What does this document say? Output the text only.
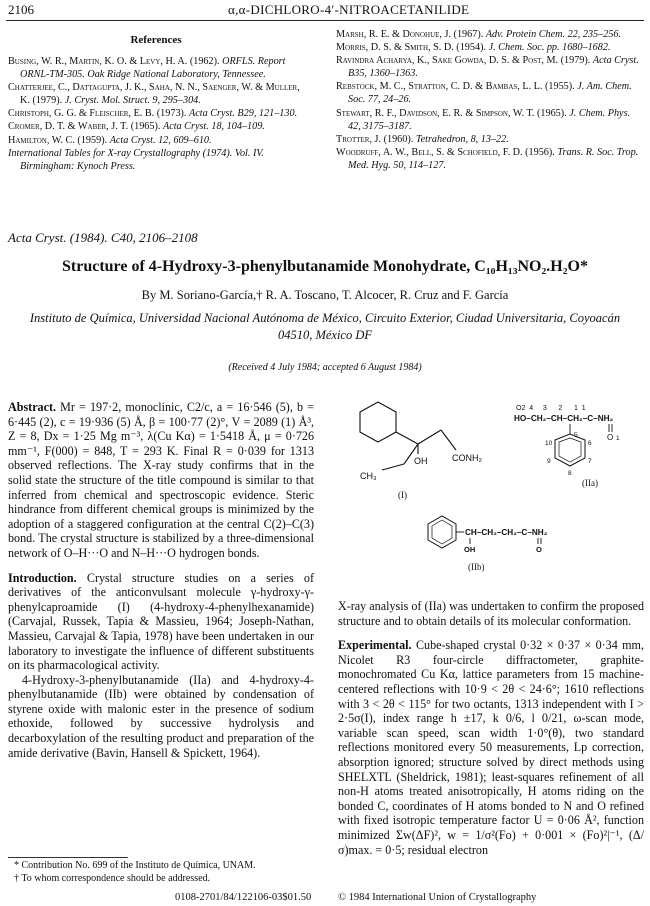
2106	α,α-DICHLORO-4′-NITROACETANILIDE
References
Busing, W. R., Martin, K. O. & Levy, H. A. (1962). ORFLS. Report ORNL-TM-305. Oak Ridge National Laboratory, Tennessee.
Chatterjee, C., Dattagupta, J. K., Saha, N. N., Saenger, W. & Muller, K. (1979). J. Cryst. Mol. Struct. 9, 295–304.
Christoph, G. G. & Fleischer, E. B. (1973). Acta Cryst. B29, 121–130.
Cromer, D. T. & Waber, J. T. (1965). Acta Cryst. 18, 104–109.
Hamilton, W. C. (1959). Acta Cryst. 12, 609–610.
International Tables for X-ray Crystallography (1974). Vol. IV. Birmingham: Kynoch Press.
Marsh, R. E. & Donohue, J. (1967). Adv. Protein Chem. 22, 235–256.
Morris, D. S. & Smith, S. D. (1954). J. Chem. Soc. pp. 1680–1682.
Ravindra Acharya, K., Sake Gowda, D. S. & Post, M. (1979). Acta Cryst. B35, 1360–1363.
Rebstock, M. C., Stratton, C. D. & Bambas, L. L. (1955). J. Am. Chem. Soc. 77, 24–26.
Stewart, R. F., Davidson, E. R. & Simpson, W. T. (1965). J. Chem. Phys. 42, 3175–3187.
Trotter, J. (1960). Tetrahedron, 8, 13–22.
Woodruff, A. W., Bell, S. & Schofield, F. D. (1956). Trans. R. Soc. Trop. Med. Hyg. 50, 114–127.
Acta Cryst. (1984). C40, 2106–2108
Structure of 4-Hydroxy-3-phenylbutanamide Monohydrate, C₁₀H₁₃NO₂.H₂O*
By M. Soriano-García,† R. A. Toscano, T. Alcocer, R. Cruz and F. García
Instituto de Química, Universidad Nacional Autónoma de México, Circuito Exterior, Ciudad Universitaria, Coyoacán 04510, México DF
(Received 4 July 1984; accepted 6 August 1984)

Abstract. Mr = 197·2, monoclinic, C2/c, a = 16·546 (5), b = 6·445 (2), c = 19·936 (5) Å, β = 100·77 (2)°, V = 2089 (1) Å³, Z = 8, Dx = 1·25 Mg m⁻³, λ(Cu Kα) = 1·5418 Å, μ = 0·726 mm⁻¹, F(000) = 848, T = 293 K. Final R = 0·039 for 1313 observed reflections. The X-ray study confirms that in the solid state the structure of the title compound is similar to that inferred from chemical and spectroscopic evidence. Steric hindrance from different chemical groups is minimized by the adoption of a staggered configuration at the central C(2)–C(3) bond. The crystal structure is stabilized by a three-dimensional network of O–H···O and N–H···O hydrogen bonds.

Introduction. Crystal structure studies on a series of derivatives of the anticonvulsant molecule γ-hydroxy-γ-phenylcaproamide (I) (4-hydroxy-4-phenylhexanamide) (Carvajal, Russek, Tapia & Massieu, 1964; Joseph-Nathan, Massieu, Carvajal & Tapia, 1978) have been undertaken in our laboratory to investigate the influence of different substituents on its pharmacological activity.

4-Hydroxy-3-phenylbutanamide (IIa) and 4-hydroxy-4-phenylbutanamide (IIb) were obtained by condensation of styrene oxide with malonic ester in the presence of sodium ethoxide, followed by successive hydrolysis and decarboxylation of the resulting product and preparation of the amide derivative (Bavin, Hansell & Spickett, 1964).

CONH₂
OH
CH₃
(I)
O2  4     3      2      1  1
HO–CH₂–CH–CH₂–C–NH₂
O 1
5
6
7
8
9
10
(IIa)
CH–CH₂–CH₂–C–NH₂
OH	O
(IIb)

X-ray analysis of (IIa) was undertaken to confirm the proposed structure and to obtain details of its molecular conformation.

Experimental. Cube-shaped crystal 0·32 × 0·37 × 0·34 mm, Nicolet R3 four-circle diffractometer, graphite-monochromated Cu Kα, lattice parameters from 15 machine-centered reflections with 10·9 < 2θ < 24·6°; 1610 reflections with 3 < 2θ < 115° for two octants, 1313 independent with I > 2·5σ(I), index range h ±17, k 0/6, l 0/21, ω-scan mode, variable scan speed, scan width 1·0°(θ), two standard reflections monitored every 50 measurements, Lp correction, absorption ignored; structure solved by direct methods using SHELXTL (Sheldrick, 1981); least-squares refinement of all non-H atoms treated anisotropically, H atoms riding on the bonded C, coordinates of H atoms bonded to N and O refined with fixed isotropic temperature factor U = 0·06 Å², function minimized Σw(ΔF)², w = 1/σ²(Fo) + 0·001 × (Fo)²|⁻¹, (Δ/σ)max. = 0·5; residual electron

* Contribution No. 699 of the Instituto de Química, UNAM.
† To whom correspondence should be addressed.
0108-2701/84/122106-03$01.50	© 1984 International Union of Crystallography
